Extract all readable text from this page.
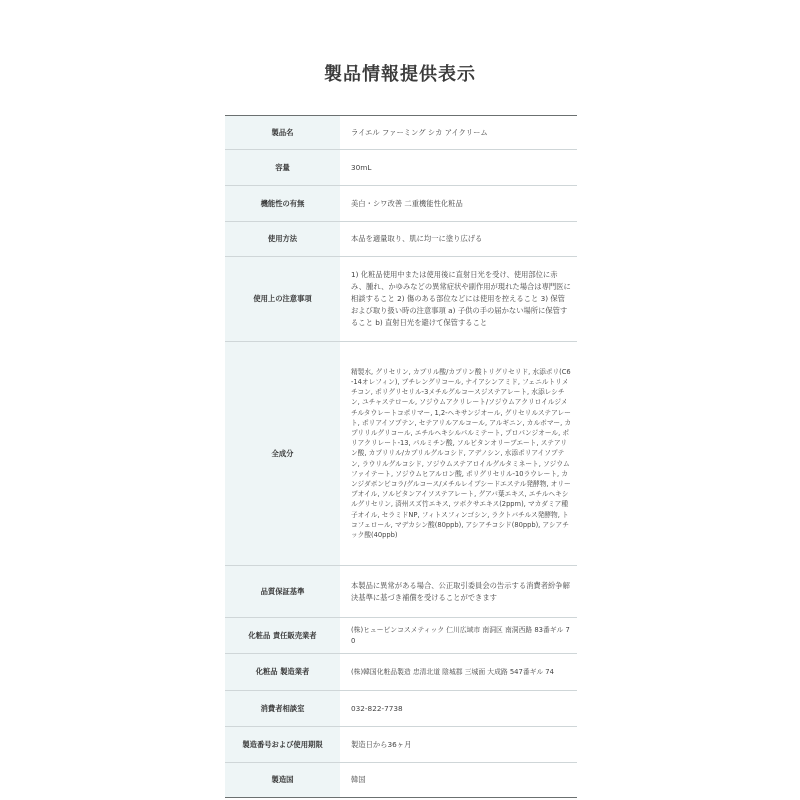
製品情報提供表示
製品名	ライエル ファーミング シカ アイクリーム
容量	30mL
機能性の有無	美白・シワ改善 二重機能性化粧品
使用方法	本品を適量取り、肌に均一に塗り広げる
使用上の注意事項	1) 化粧品使用中または使用後に直射日光を受け、使用部位に赤み、腫れ、かゆみなどの異常症状や副作用が現れた場合は専門医に相談すること 2) 傷のある部位などには使用を控えること 3) 保管および取り扱い時の注意事項 a) 子供の手の届かない場所に保管すること b) 直射日光を避けて保管すること
全成分	精製水, グリセリン, カプリル酸/カプリン酸トリグリセリド, 水添ポリ(C6-14オレフィン), ブチレングリコール, ナイアシンアミド, フェニルトリメチコン, ポリグリセリル-3メチルグルコースジステアレート, 水添レシチン, ユチャステロール, ソジウムアクリレート/ソジウムアクリロイルジメチルタウレートコポリマー, 1,2-ヘキサンジオール, グリセリルステアレート, ポリアイソプテン, セテアリルアルコール, アルギニン, カルボマー, カプリリルグリコール, エチルヘキシルパルミテート, プロパンジオール, ポリアクリレート-13, パルミチン酸, ソルビタンオリーブエート, ステアリン酸, カプリリル/カプリルグルコシド, アデノシン, 水添ポリアイソプテン, ラウリルグルコシド, ソジウムステアロイルグルタミネート, ソジウムファイテート, ソジウムヒアルロン酸, ポリグリセリル-10ラウレート, カンジダボンビコラ/グルコース/メチルレイプシードエステル発酵物, オリーブオイル, ソルビタンアイソステアレート, グアバ葉エキス, エチルヘキシルグリセリン, 済州スズ竹エキス, ツボクサエキス(2ppm), マカダミア種子オイル, セラミドNP, フィトスフィンゴシン, ラクトバチルス発酵物, トコフェロール, マデカシン酸(80ppb), アシアチコシド(80ppb), アシアチック酸(40ppb)
品質保証基準	本製品に異常がある場合、公正取引委員会の告示する消費者紛争解決基準に基づき補償を受けることができます
化粧品 責任販売業者	(株)ヒュービンコスメティック 仁川広域市 南洞区 南洞西路 83番ギル 70
化粧品 製造業者	(株)韓国化粧品製造 忠清北道 陰城郡 三城面 大成路 547番ギル 74
消費者相談室	032-822-7738
製造番号および使用期限	製造日から36ヶ月
製造国	韓国
